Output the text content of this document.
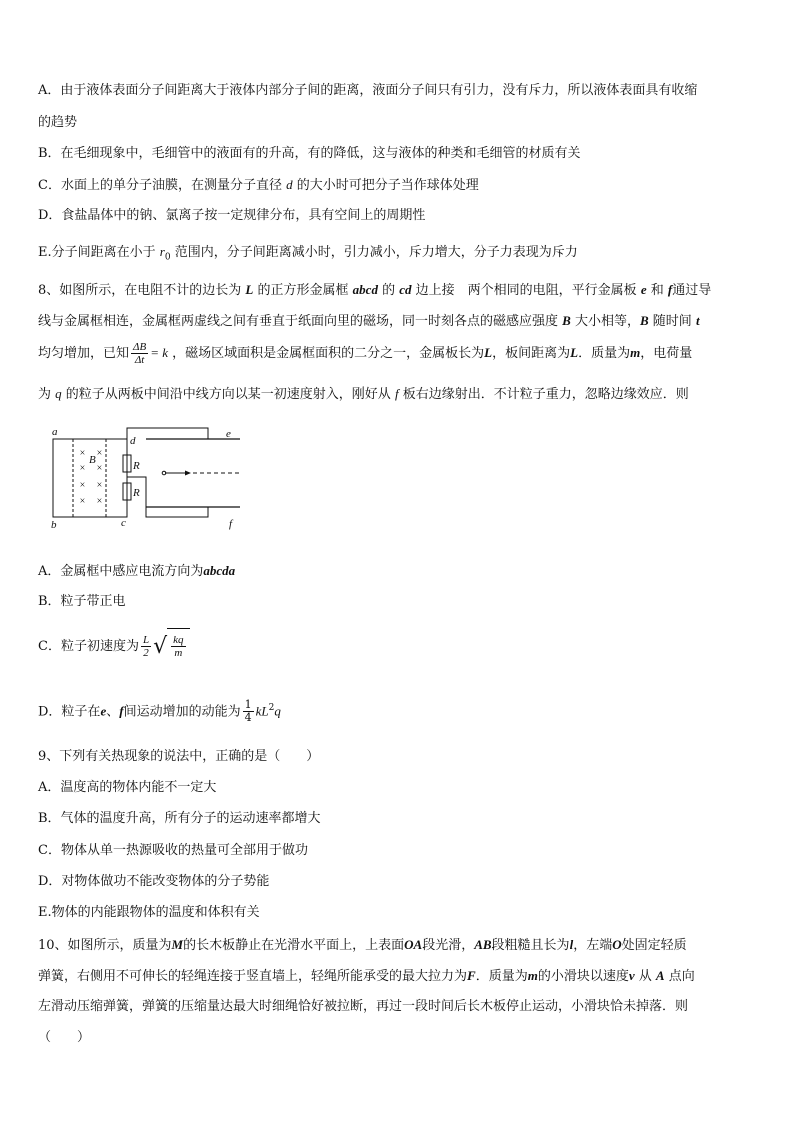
A．由于液体表面分子间距离大于液体内部分子间的距离，液面分子间只有引力，没有斥力，所以液体表面具有收缩
的趋势
B．在毛细现象中，毛细管中的液面有的升高，有的降低，这与液体的种类和毛细管的材质有关
C．水面上的单分子油膜，在测量分子直径 d 的大小时可把分子当作球体处理
D．食盐晶体中的钠、氯离子按一定规律分布，具有空间上的周期性
E.分子间距离在小于 $r_0$ 范围内，分子间距离减小时，引力减小，斥力增大，分子力表现为斥力
8、如图所示，在电阻不计的边长为 L 的正方形金属框 abcd 的 cd 边上接　两个相同的电阻，平行金属板 e 和 f通过导
线与金属框相连，金属框两虚线之间有垂直于纸面向里的磁场，同一时刻各点的磁感应强度 B 大小相等，B 随时间 t
均匀增加，已知 $\frac{\Delta B}{\Delta t} = k$ ，磁场区域面积是金属框面积的二分之一，金属板长为L，板间距离为L．质量为m，电荷量
为 q 的粒子从两板中间沿中线方向以某一初速度射入，刚好从 f 板右边缘射出．不计粒子重力，忽略边缘效应．则
a
b	c
d
e
f
B	R
R
× ×
× ×
× ×
× ×
A．金属框中感应电流方向为abcda
B．粒子带正电
C．粒子初速度为 $\frac{L}{2}$ √ $\frac{kq}{m}$
D．粒子在e、f间运动增加的动能为 $\frac{1}{4} kL^2q$
9、下列有关热现象的说法中，正确的是（　　）
A．温度高的物体内能不一定大
B．气体的温度升高，所有分子的运动速率都增大
C．物体从单一热源吸收的热量可全部用于做功
D．对物体做功不能改变物体的分子势能
E.物体的内能跟物体的温度和体积有关
10、如图所示，质量为M的长木板静止在光滑水平面上，上表面OA段光滑，AB段粗糙且长为l，左端O处固定轻质
弹簧，右侧用不可伸长的轻绳连接于竖直墙上，轻绳所能承受的最大拉力为F．质量为m的小滑块以速度v 从 A 点向
左滑动压缩弹簧，弹簧的压缩量达最大时细绳恰好被拉断，再过一段时间后长木板停止运动，小滑块恰未掉落．则
（　　）
